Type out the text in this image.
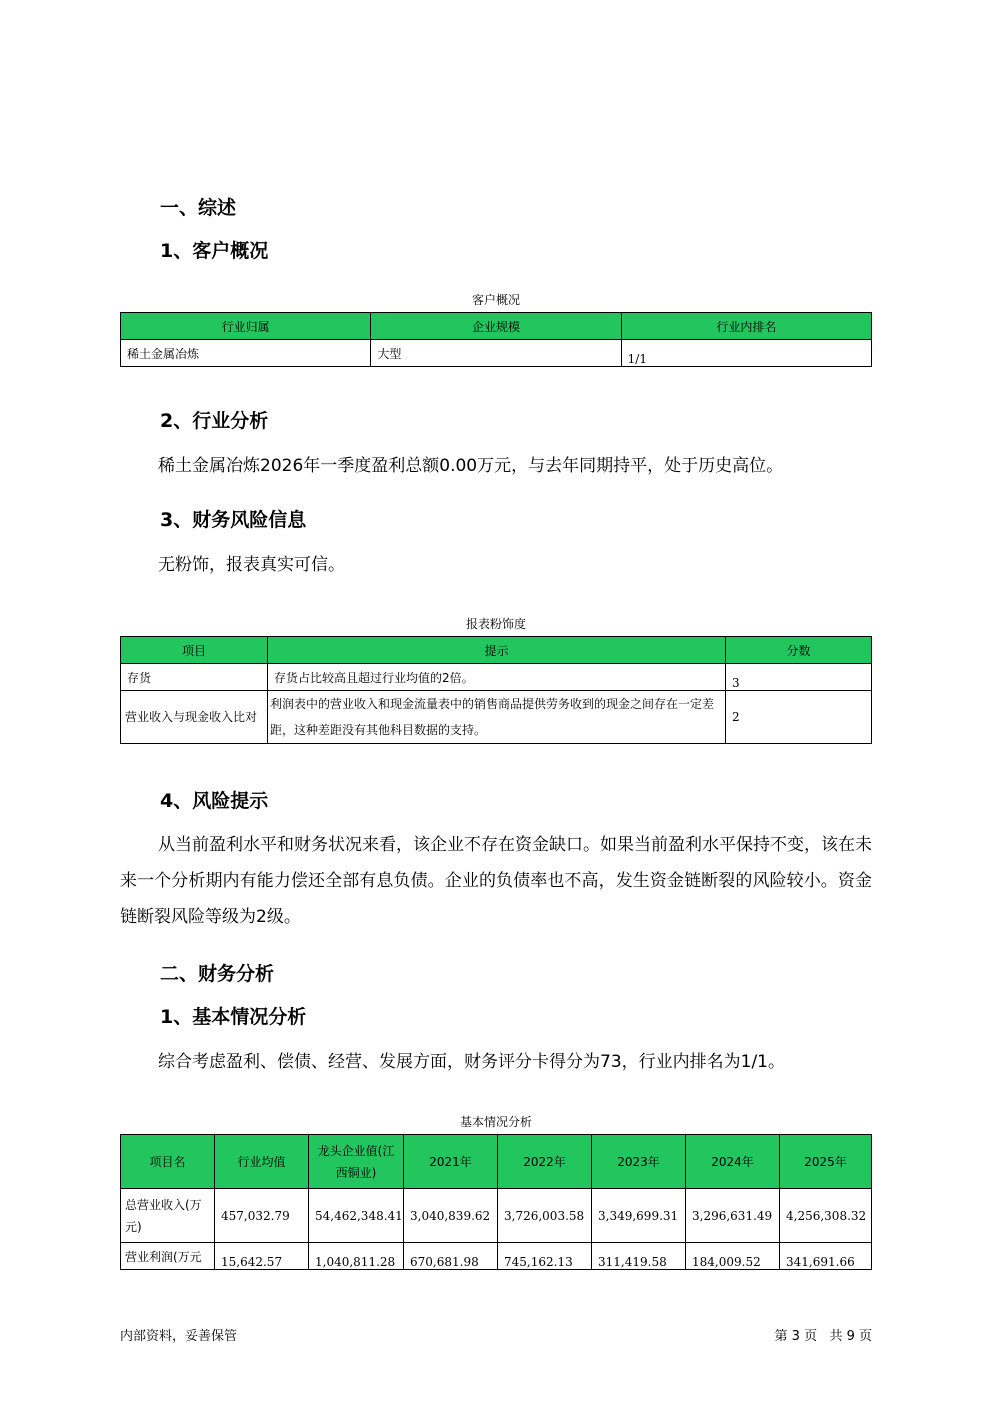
一、综述
1、客户概况
客户概况
行业归属	企业规模	行业内排名
稀土金属冶炼	大型	1/1
2、行业分析
稀土金属冶炼2026年一季度盈利总额0.00万元，与去年同期持平，处于历史高位。
3、财务风险信息
无粉饰，报表真实可信。
报表粉饰度
项目	提示	分数
存货	存货占比较高且超过行业均值的2倍。	3
营业收入与现金收入比对	利润表中的营业收入和现金流量表中的销售商品提供劳务收到的现金之间存在一定差距，这种差距没有其他科目数据的支持。	2
4、风险提示
从当前盈利水平和财务状况来看，该企业不存在资金缺口。如果当前盈利水平保持不变，该在未来一个分析期内有能力偿还全部有息负债。企业的负债率也不高，发生资金链断裂的风险较小。资金链断裂风险等级为2级。
二、财务分析
1、基本情况分析
综合考虑盈利、偿债、经营、发展方面，财务评分卡得分为73，行业内排名为1/1。
基本情况分析
项目名	行业均值	龙头企业值(江西铜业)	2021年	2022年	2023年	2024年	2025年
总营业收入(万元)	457,032.79	54,462,348.41	3,040,839.62	3,726,003.58	3,349,699.31	3,296,631.49	4,256,308.32
营业利润(万元	15,642.57	1,040,811.28	670,681.98	745,162.13	311,419.58	184,009.52	341,691.66
内部资料，妥善保管	第 3 页   共 9 页
